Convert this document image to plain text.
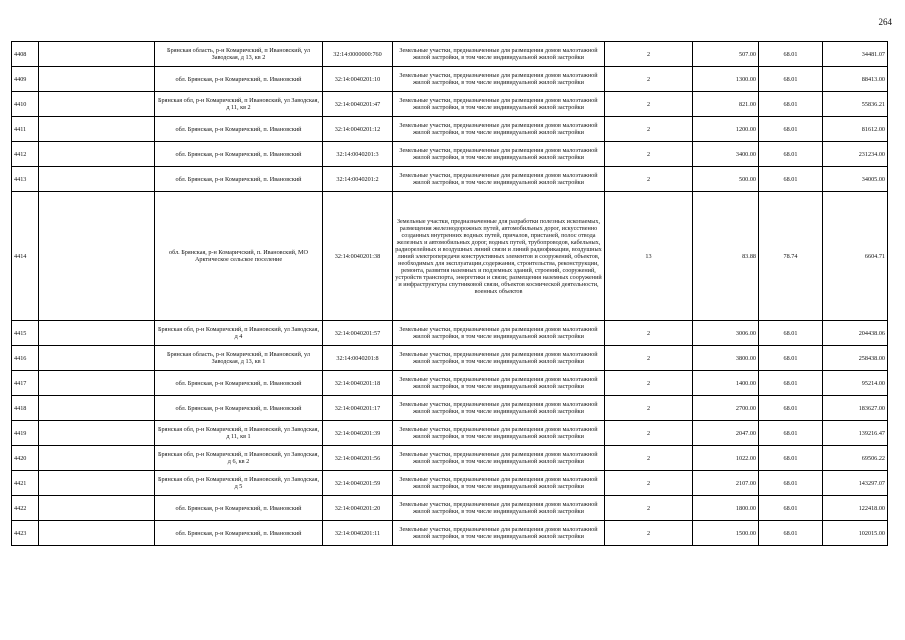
264
4408		Брянская область, р-н Комаричский, п Ивановский, ул Заводская, д 13, кв 2	32:14:0000000:760	Земельные участки, предназначенные для размещения домов малоэтажной жилой застройки, в том числе индивидуальной жилой застройки	2	507.00	68.01	34481.07
4409		обл. Брянская, р-н Комаричский, п. Ивановский	32:14:0040201:10	Земельные участки, предназначенные для размещения домов малоэтажной жилой застройки, в том числе индивидуальной жилой застройки	2	1300.00	68.01	88413.00
4410		Брянская обл, р-н Комаричский, п Ивановский, ул Заводская, д 11, кв 2	32:14:0040201:47	Земельные участки, предназначенные для размещения домов малоэтажной жилой застройки, в том числе индивидуальной жилой застройки	2	821.00	68.01	55836.21
4411		обл. Брянская, р-н Комаричский, п. Ивановский	32:14:0040201:12	Земельные участки, предназначенные для размещения домов малоэтажной жилой застройки, в том числе индивидуальной жилой застройки	2	1200.00	68.01	81612.00
4412		обл. Брянская, р-н Комаричский, п. Ивановский	32:14:0040201:3	Земельные участки, предназначенные для размещения домов малоэтажной жилой застройки, в том числе индивидуальной жилой застройки	2	3400.00	68.01	231234.00
4413		обл. Брянская, р-н Комаричский, п. Ивановский	32:14:0040201:2	Земельные участки, предназначенные для размещения домов малоэтажной жилой застройки, в том числе индивидуальной жилой застройки	2	500.00	68.01	34005.00
4414		обл. Брянская, р-н Комаричский, п. Ивановский, МО Арктическое сельское поселение	32:14:0040201:38	Земельные участки, предназначенные для разработки полезных ископаемых, размещения железнодорожных путей, автомобильных дорог, искусственно созданных внутренних водных путей, причалов, пристаней, полос отвода железных и автомобильных дорог, водных путей, трубопроводов, кабельных, радиорелейных и воздушных линий связи и линий радиофикации, воздушных линий электропередачи конструктивных элементов и сооружений, объектов, необходимых для эксплуатации,содержания, строительства, реконструкции, ремонта, развития наземных и подземных зданий, строений, сооружений, устройств транспорта, энергетики и связи; размещения наземных сооружений и инфраструктуры спутниковой связи, объектов космической деятельности, военных объектов	13	83.88	78.74	6604.71
4415		Брянская обл, р-н Комаричский, п Ивановский, ул Заводская, д 4	32:14:0040201:57	Земельные участки, предназначенные для размещения домов малоэтажной жилой застройки, в том числе индивидуальной жилой застройки	2	3006.00	68.01	204438.06
4416		Брянская область, р-н Комаричский, п Ивановский, ул Заводская, д 13, кв 1	32:14:0040201:8	Земельные участки, предназначенные для размещения домов малоэтажной жилой застройки, в том числе индивидуальной жилой застройки	2	3800.00	68.01	258438.00
4417		обл. Брянская, р-н Комаричский, п. Ивановский	32:14:0040201:18	Земельные участки, предназначенные для размещения домов малоэтажной жилой застройки, в том числе индивидуальной жилой застройки	2	1400.00	68.01	95214.00
4418		обл. Брянская, р-н Комаричский, п. Ивановский	32:14:0040201:17	Земельные участки, предназначенные для размещения домов малоэтажной жилой застройки, в том числе индивидуальной жилой застройки	2	2700.00	68.01	183627.00
4419		Брянская обл, р-н Комаричский, п Ивановский, ул Заводская, д 11, кв 1	32:14:0040201:39	Земельные участки, предназначенные для размещения домов малоэтажной жилой застройки, в том числе индивидуальной жилой застройки	2	2047.00	68.01	139216.47
4420		Брянская обл, р-н Комаричский, п Ивановский, ул Заводская, д 6, кв 2	32:14:0040201:56	Земельные участки, предназначенные для размещения домов малоэтажной жилой застройки, в том числе индивидуальной жилой застройки	2	1022.00	68.01	69506.22
4421		Брянская обл, р-н Комаричский, п Ивановский, ул Заводская, д 5	32:14:0040201:59	Земельные участки, предназначенные для размещения домов малоэтажной жилой застройки, в том числе индивидуальной жилой застройки	2	2107.00	68.01	143297.07
4422		обл. Брянская, р-н Комаричский, п. Ивановский	32:14:0040201:20	Земельные участки, предназначенные для размещения домов малоэтажной жилой застройки, в том числе индивидуальной жилой застройки	2	1800.00	68.01	122418.00
4423		обл. Брянская, р-н Комаричский, п. Ивановский	32:14:0040201:11	Земельные участки, предназначенные для размещения домов малоэтажной жилой застройки, в том числе индивидуальной жилой застройки	2	1500.00	68.01	102015.00
